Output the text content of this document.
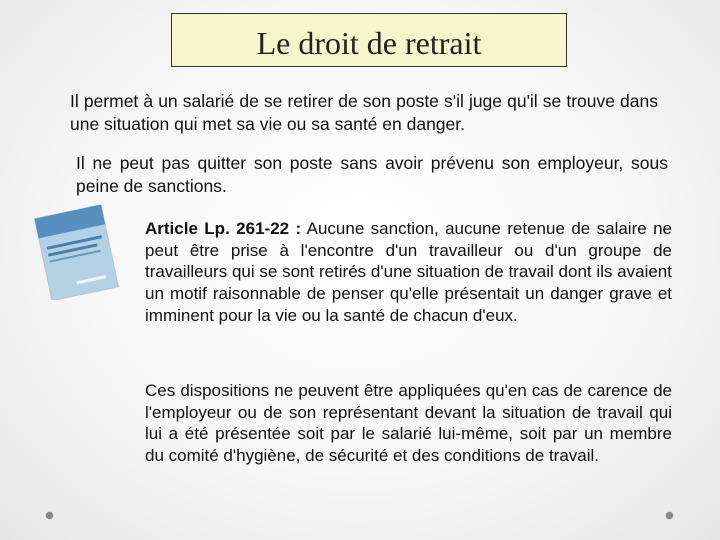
Le droit de retrait

Il permet à un salarié de se retirer de son poste s'il juge qu'il se trouve dans une situation qui met sa vie ou sa santé en danger.

Il ne peut pas quitter son poste sans avoir prévenu son employeur, sous peine de sanctions.

Article Lp. 261-22 : Aucune sanction, aucune retenue de salaire ne peut être prise à l'encontre d'un travailleur ou d'un groupe de travailleurs qui se sont retirés d'une situation de travail dont ils avaient un motif raisonnable de penser qu'elle présentait un danger grave et imminent pour la vie ou la santé de chacun d'eux.

Ces dispositions ne peuvent être appliquées qu'en cas de carence de l'employeur ou de son représentant devant la situation de travail qui lui a été présentée soit par le salarié lui-même, soit par un membre du comité d'hygiène, de sécurité et des conditions de travail.
